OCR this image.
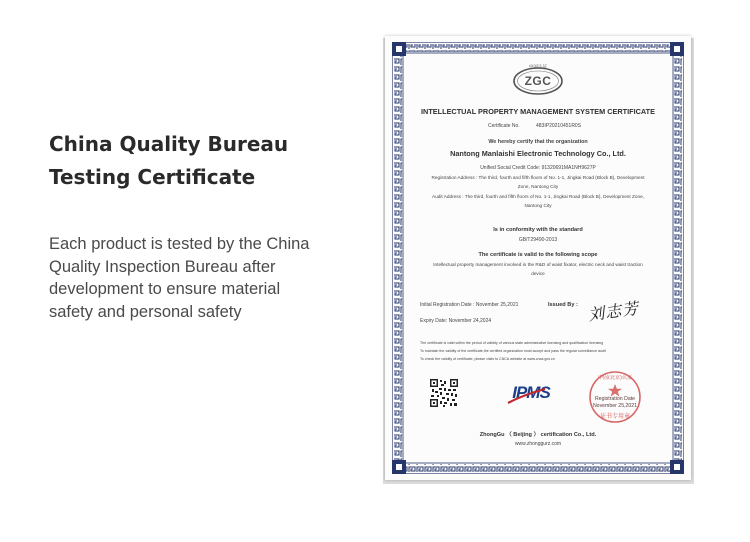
China Quality Bureau
Testing Certificate
Each product is tested by the China
Quality Inspection Bureau after
development to ensure material
safety and personal safety
中国认证
ZGC
INTELLECTUAL PROPERTY MANAGEMENT SYSTEM CERTIFICATE
Certificate No.	483IP20210451R0S
We hereby certify that the organization
Nantong Manlaishi Electronic Technology Co., Ltd.
Unified Social Credit Code: 91320691MA1NH9627P
Registration Address : The third, fourth and fifth floors of No. 1-1, Jingkai Road (Block B), Development
Zone, Nantong City
Audit Address : The third, fourth and fifth floors of No. 1-1, Jingkai Road (Block B), Development Zone,
Nantong City
Is in conformity with the standard
GB/T29490-2013
The certificate is valid to the following scope
Intellectual property management involved in the R&D of waist fixator, electric neck and waist traction
device
Initial Registration Date : November 25,2021	Issued By : 刘志芳
Expiry Date: November 24,2024
The certificate is valid within the period of validity of various state administrative licensing and qualification licensing
To maintain the validity of the certificate,the certified organization must accept and pass the regular surveillance audit
To check the validity of certificate, please visits to CNCA website at www.cnca.gov.cn
IPMS
中固(北京)认证
Registration Date
November 25,2021
证书专用章
ZhongGu （ Beijing ） certification Co., Ltd.
www.zhonggurz.com
